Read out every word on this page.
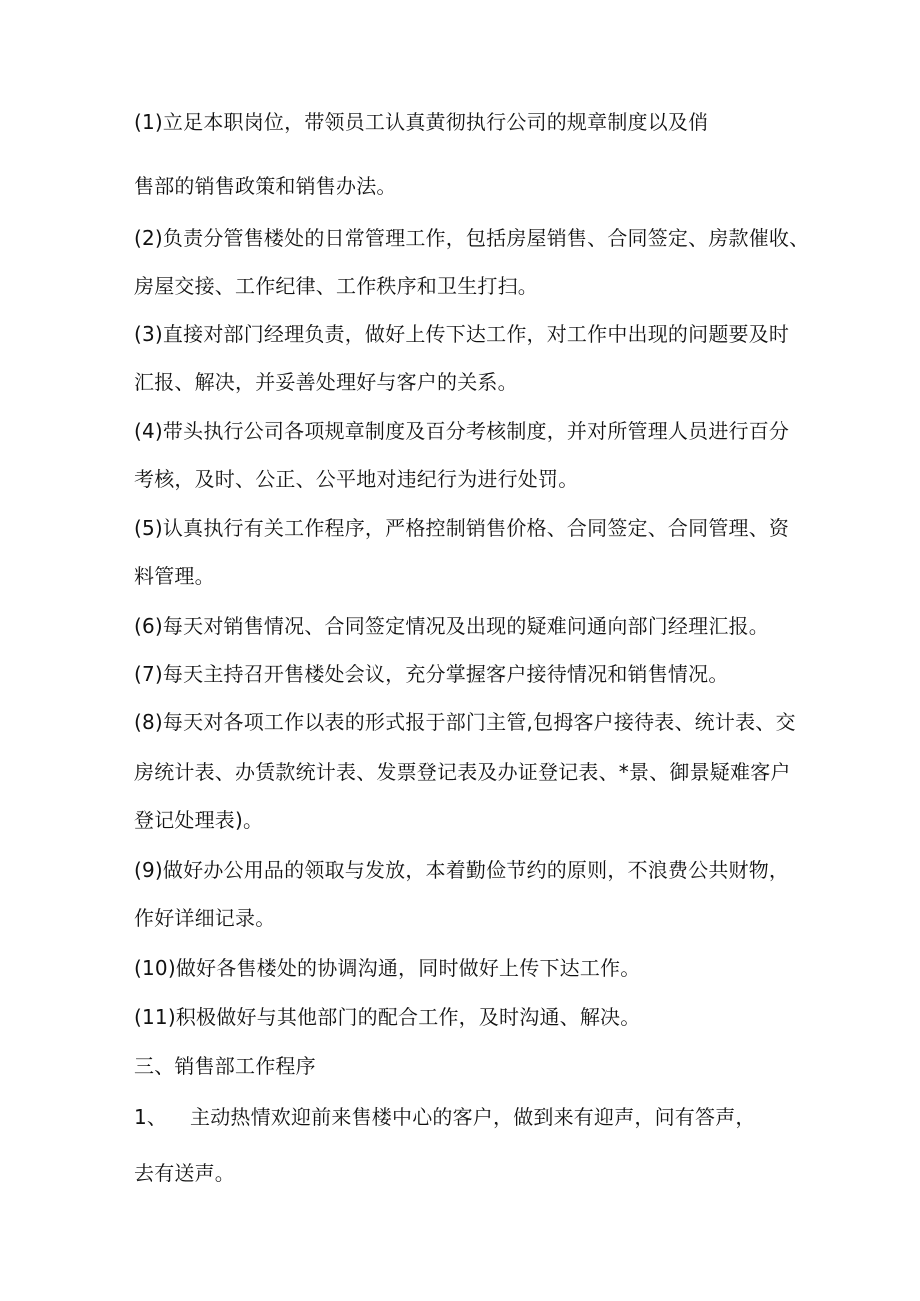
(1)立足本职岗位，带领员工认真黄彻执行公司的规章制度以及俏
售部的销售政策和销售办法。
(2)负责分管售楼处的日常管理工作，包括房屋销售、合同签定、房款催收、
房屋交接、工作纪律、工作秩序和卫生打扫。
(3)直接对部门经理负责，做好上传下达工作，对工作中出现的问题要及时
汇报、解决，并妥善处理好与客户的关系。
(4)带头执行公司各项规章制度及百分考核制度，并对所管理人员进行百分
考核，及时、公正、公平地对违纪行为进行处罚。
(5)认真执行有关工作程序，严格控制销售价格、合同签定、合同管理、资
料管理。
(6)每天对销售情况、合同签定情况及出现的疑难问通向部门经理汇报。
(7)每天主持召开售楼处会议，充分掌握客户接待情况和销售情况。
(8)每天对各项工作以表的形式报于部门主管,包拇客户接待表、统计表、交
房统计表、办赁款统计表、发票登记表及办证登记表、*景、御景疑难客户
登记处理表)。
(9)做好办公用品的领取与发放，本着勤俭节约的原则，不浪费公共财物，
作好详细记录。
(10)做好各售楼处的协调沟通，同时做好上传下达工作。
(11)积极做好与其他部门的配合工作，及时沟通、解决。
三、销售部工作程序
1、 主动热情欢迎前来售楼中心的客户，做到来有迎声，问有答声，
去有送声。
